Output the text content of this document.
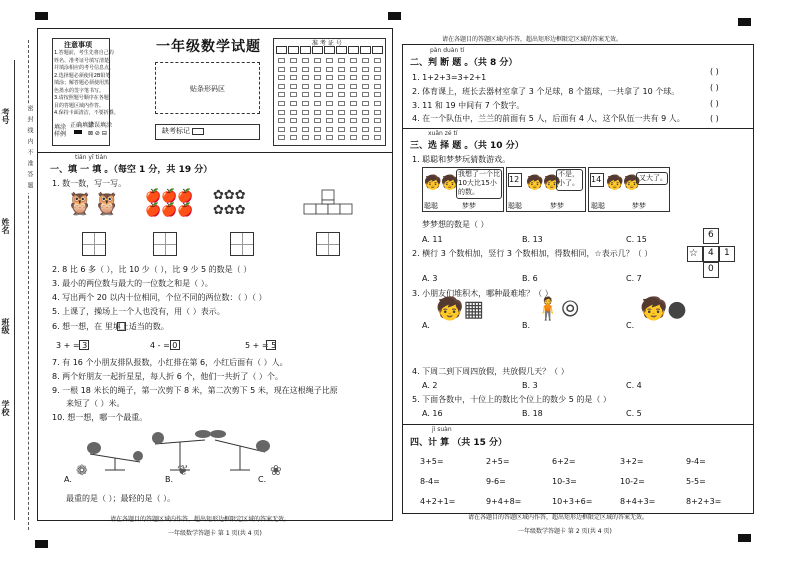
考号
姓名
班级
学校
密封线内不准答题
注意事项
1.答题前，考生先将自己的
姓名、准考证号填写清楚，
并填涂相应的考号信息点。
2.选择题必须使用2B铅笔
填涂；解答题必须使用黑
色墨水的签字笔书写。
3.请按照题号顺序在各题
目的答题区域内作答。
4.保持卡面清洁，不要折叠。
填涂样例
正确填涂
错误填涂
⊠ ⊘ ⊟
一年级数学试题
贴条形码区
缺考标记
准 考 证 号
tián yī tián
一、填 一 填 。（每空 1 分，共 19 分）
1. 数一数，写一写。
🦉🦉 🍎🍎🍎
🍎🍎🍎
✿✿✿
✿✿✿
2. 8 比 6 多（ ），比 10 少（ ），比 9 少 5 的数是（ ）
3. 最小的两位数与最大的一位数之和是（ ）。
4. 写出两个 20 以内十位相同，个位不同的两位数：（ ）（ ）
5. 上课了，操场上一个人也没有，用（ ）表示。
6. 想一想，在 里填上适当的数。
3 + = 3	4 - = 0	5 + = 5
7. 有 16 个小朋友排队报数，小红排在第 6，小红后面有（ ）人。
8. 两个好朋友一起折星星，每人折 6 个，他们一共折了（ ）个。
9. 一根 18 米长的绳子，第一次剪下 8 米，第二次剪下 5 米，现在这根绳子比原
来短了（ ）米。
10. 想一想，哪一个最重。
A.
❁
B.
❦
C.
❀
最重的是（ ）；最轻的是（ ）。
请在各题目的答题区域内作答，超出矩形边框限定区域的答案无效。
一年级数学答题卡 第 1 页(共 4 页)
请在各题目的答题区域内作答，超出矩形边框限定区域的答案无效。
pàn duàn tí
二、判 断 题 。（共 8 分）
1. 1+2+3=3+2+1
( )
2. 体育课上，班长去器材室拿了 3 个足球，8 个篮球，一共拿了 10 个球。	( )
3. 11 和 19 中间有 7 个数字。	( )
4. 在一个队伍中，兰兰的前面有 5 人，后面有 4 人，这个队伍一共有 9 人。	( )
xuǎn zé tí
三、选 择 题 。（共 10 分）
1. 聪聪和梦梦玩猜数游戏。
🧒🧒
我想了一个比10大比15小的数。
聪聪	梦梦
12 🧒🧒
不是，小了。
聪聪	梦梦
14 🧒🧒
又大了。
聪聪	梦梦
梦梦想的数是（ ）
A. 11	B. 13	C. 15
2. 横行 3 个数相加，竖行 3 个数相加，得数相同，☆表示几？（ ）
A. 3	B. 6	C. 7
6
☆ 4 1
0
3. 小朋友们堆积木，哪种最难堆？（ ）
A.
🧒▦
B.
🧍⦾
C.
🧒●
4. 下周二到下周四放假，共放假几天？（ ）
A. 2	B. 3	C. 4
5. 下面各数中，十位上的数比个位上的数少 5 的是（ ）
A. 16	B. 18	C. 5
jì suàn
四、计 算 （共 15 分）
3+5=	2+5=	6+2=	3+2=	9-4=
8-4=	9-6=	10-3=	10-2=	5-5=
4+2+1=	9+4+8=	10+3+6=	8+4+3=	8+2+3=
请在各题目的答题区域内作答，超出矩形边框限定区域的答案无效。
一年级数学答题卡 第 2 页(共 4 页)
